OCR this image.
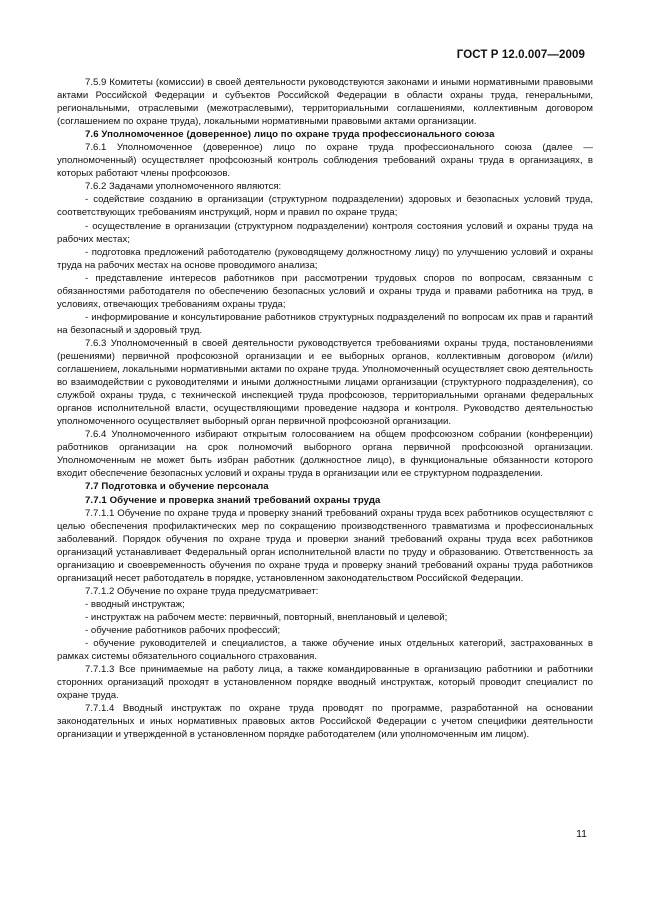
ГОСТ Р 12.0.007—2009

7.5.9 Комитеты (комиссии) в своей деятельности руководствуются законами и иными нормативными правовыми актами Российской Федерации и субъектов Российской Федерации в области охраны труда, генеральными, региональными, отраслевыми (межотраслевыми), территориальными соглашениями, коллективным договором (соглашением по охране труда), локальными нормативными правовыми актами организации.

7.6 Уполномоченное (доверенное) лицо по охране труда профессионального союза

7.6.1 Уполномоченное (доверенное) лицо по охране труда профессионального союза (далее — уполномоченный) осуществляет профсоюзный контроль соблюдения требований охраны труда в организациях, в которых работают члены профсоюзов.

7.6.2 Задачами уполномоченного являются:

- содействие созданию в организации (структурном подразделении) здоровых и безопасных условий труда, соответствующих требованиям инструкций, норм и правил по охране труда;

- осуществление в организации (структурном подразделении) контроля состояния условий и охраны труда на рабочих местах;

- подготовка предложений работодателю (руководящему должностному лицу) по улучшению условий и охраны труда на рабочих местах на основе проводимого анализа;

- представление интересов работников при рассмотрении трудовых споров по вопросам, связанным с обязанностями работодателя по обеспечению безопасных условий и охраны труда и правами работника на труд, в условиях, отвечающих требованиям охраны труда;

- информирование и консультирование работников структурных подразделений по вопросам их прав и гарантий на безопасный и здоровый труд.

7.6.3 Уполномоченный в своей деятельности руководствуется требованиями охраны труда, постановлениями (решениями) первичной профсоюзной организации и ее выборных органов, коллективным договором (и/или) соглашением, локальными нормативными актами по охране труда. Уполномоченный осуществляет свою деятельность во взаимодействии с руководителями и иными должностными лицами организации (структурного подразделения), со службой охраны труда, с технической инспекцией труда профсоюзов, территориальными органами федеральных органов исполнительной власти, осуществляющими проведение надзора и контроля. Руководство деятельностью уполномоченного осуществляет выборный орган первичной профсоюзной организации.

7.6.4 Уполномоченного избирают открытым голосованием на общем профсоюзном собрании (конференции) работников организации на срок полномочий выборного органа первичной профсоюзной организации. Уполномоченным не может быть избран работник (должностное лицо), в функциональные обязанности которого входит обеспечение безопасных условий и охраны труда в организации или ее структурном подразделении.

7.7 Подготовка и обучение персонала

7.7.1 Обучение и проверка знаний требований охраны труда

7.7.1.1 Обучение по охране труда и проверку знаний требований охраны труда всех работников осуществляют с целью обеспечения профилактических мер по сокращению производственного травматизма и профессиональных заболеваний. Порядок обучения по охране труда и проверки знаний требований охраны труда всех работников организаций устанавливает Федеральный орган исполнительной власти по труду и образованию. Ответственность за организацию и своевременность обучения по охране труда и проверку знаний требований охраны труда работников организаций несет работодатель в порядке, установленном законодательством Российской Федерации.

7.7.1.2 Обучение по охране труда предусматривает:

- вводный инструктаж;

- инструктаж на рабочем месте: первичный, повторный, внеплановый и целевой;

- обучение работников рабочих профессий;

- обучение руководителей и специалистов, а также обучение иных отдельных категорий, застрахованных в рамках системы обязательного социального страхования.

7.7.1.3 Все принимаемые на работу лица, а также командированные в организацию работники и работники сторонних организаций проходят в установленном порядке вводный инструктаж, который проводит специалист по охране труда.

7.7.1.4 Вводный инструктаж по охране труда проводят по программе, разработанной на основании законодательных и иных нормативных правовых актов Российской Федерации с учетом специфики деятельности организации и утвержденной в установленном порядке работодателем (или уполномоченным им лицом).

11
